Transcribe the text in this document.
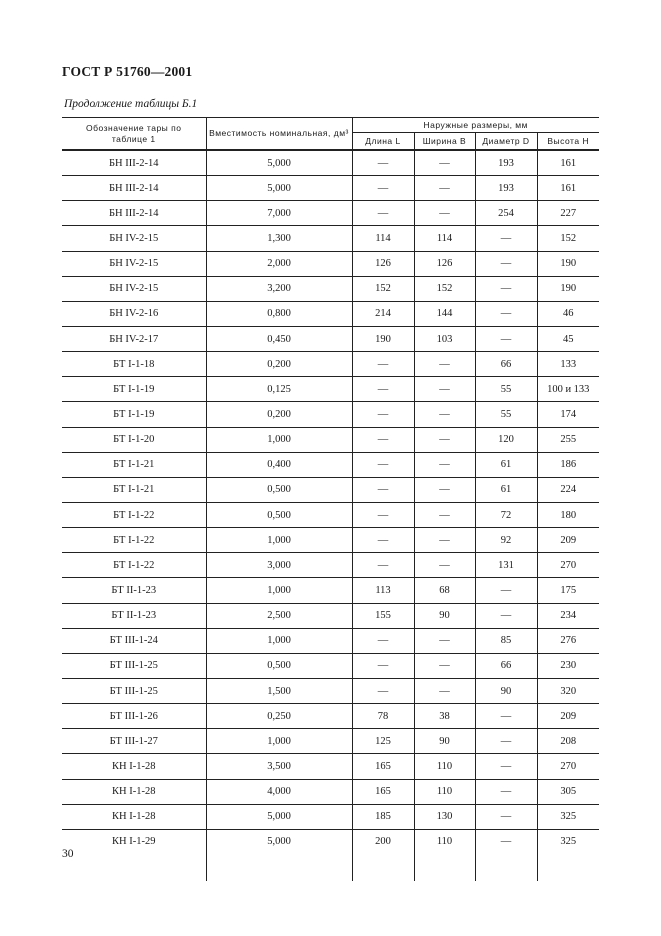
ГОСТ Р 51760—2001
Продолжение таблицы Б.1
Обозначение тары по таблице 1	Вместимость номинальная, дм³	Наружные размеры, мм			
		Длина L	Ширина B	Диаметр D	Высота H
БН III-2-14	5,000	—	—	193	161
БН III-2-14	5,000	—	—	193	161
БН III-2-14	7,000	—	—	254	227
БН IV-2-15	1,300	114	114	—	152
БН IV-2-15	2,000	126	126	—	190
БН IV-2-15	3,200	152	152	—	190
БН IV-2-16	0,800	214	144	—	46
БН IV-2-17	0,450	190	103	—	45
БТ I-1-18	0,200	—	—	66	133
БТ I-1-19	0,125	—	—	55	100 и 133
БТ I-1-19	0,200	—	—	55	174
БТ I-1-20	1,000	—	—	120	255
БТ I-1-21	0,400	—	—	61	186
БТ I-1-21	0,500	—	—	61	224
БТ I-1-22	0,500	—	—	72	180
БТ I-1-22	1,000	—	—	92	209
БТ I-1-22	3,000	—	—	131	270
БТ II-1-23	1,000	113	68	—	175
БТ II-1-23	2,500	155	90	—	234
БТ III-1-24	1,000	—	—	85	276
БТ III-1-25	0,500	—	—	66	230
БТ III-1-25	1,500	—	—	90	320
БТ III-1-26	0,250	78	38	—	209
БТ III-1-27	1,000	125	90	—	208
КН I-1-28	3,500	165	110	—	270
КН I-1-28	4,000	165	110	—	305
КН I-1-28	5,000	185	130	—	325
КН I-1-29	5,000	200	110	—	325
30
